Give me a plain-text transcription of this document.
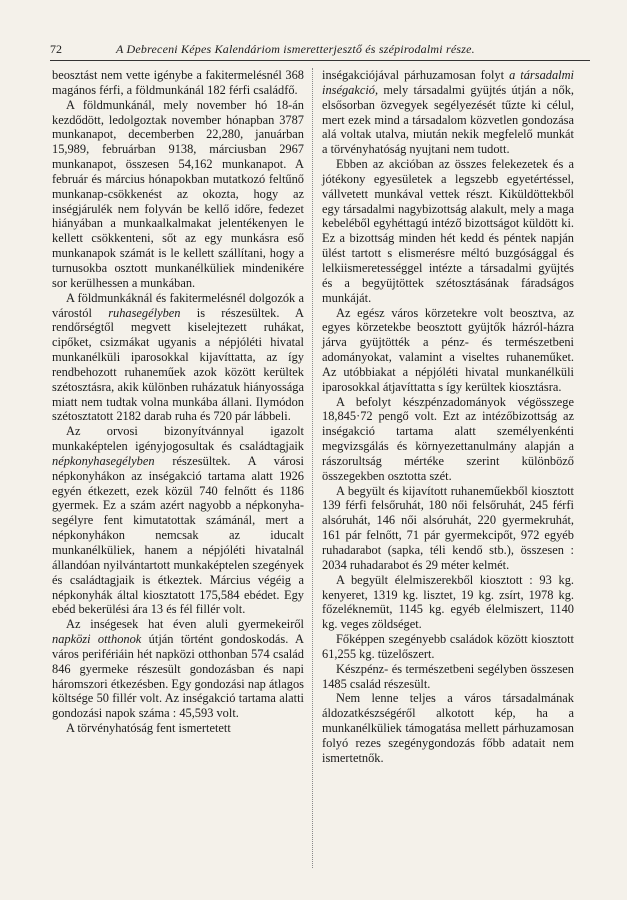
72	A Debreceni Képes Kalendáriom ismeretterjesztő és szépirodalmi része.

beosztást nem vette igénybe a fakitermelésnél 368 magános férfi, a földmunkánál 182 férfi családfő.

A földmunkánál, mely november hó 18-án kezdődött, ledolgoztak november hónapban 3787 munkanapot, decemberben 22,280, januárban 15,989, februárban 9138, márciusban 2967 munkanapot, összesen 54,162 munkanapot. A február és március hónapokban mutatkozó feltűnő munkanap-csökkenést az okozta, hogy az inségjárulék nem folyván be kellő időre, fedezet hiányában a munkaalkalmakat jelentékenyen le kellett csökkenteni, sőt az egy munkásra eső munkanapok számát is le kellett szállítani, hogy a turnusokba osztott munkanélküliek mindenikére sor kerülhessen a munkában.

A földmunkáknál és fakitermelésnél dolgozók a várostól ruhasegélyben is részesültek. A rendőrségtől megvett kiselejtezett ruhákat, cipőket, csizmákat ugyanis a népjóléti hivatal munkanélküli iparosokkal kijavíttatta, az így rendbehozott ruhaneműek azok között kerültek szétosztásra, akik különben ruházatuk hiányossága miatt nem tudtak volna munkába állani. Ilymódon szétosztatott 2182 darab ruha és 720 pár lábbeli.

Az orvosi bizonyítvánnyal igazolt munkaképtelen igényjogosultak és családtagjaik népkonyhasegélyben részesültek. A városi népkonyhákon az inségakció tartama alatt 1926 egyén étkezett, ezek közül 740 felnőtt és 1186 gyermek. Ez a szám azért nagyobb a népkonyha-segélyre fent kimutatottak számánál, mert a népkonyhákon nemcsak az iducalt munkanélküliek, hanem a népjóléti hivatalnál állandóan nyilvántartott munkaképtelen szegények és családtagjaik is étkeztek. Március végéig a népkonyhák által kiosztatott 175,584 ebédet. Egy ebéd bekerülési ára 13 és fél fillér volt.

Az inségesek hat éven aluli gyermekeiről napközi otthonok útján történt gondoskodás. A város perifériáin hét napközi otthonban 574 család 846 gyermeke részesült gondozásban és napi háromszori étkezésben. Egy gondozási nap átlagos költsége 50 fillér volt. Az inségakció tartama alatti gondozási napok száma : 45,593 volt.

A törvényhatóság fent ismertetett

inségakciójával párhuzamosan folyt a társadalmi inségakció, mely társadalmi gyüjtés útján a nők, elsősorban özvegyek segélyezését tűzte ki célul, mert ezek mind a társadalom közvetlen gondozása alá voltak utalva, miután nekik megfelelő munkát a törvényhatóság nyujtani nem tudott.

Ebben az akcióban az összes felekezetek és a jótékony egyesületek a legszebb egyetértéssel, vállvetett munkával vettek részt. Kiküldöttekből egy társadalmi nagybizottság alakult, mely a maga kebeléből egyhéttagú intéző bizottságot küldött ki. Ez a bizottság minden hét kedd és péntek napján ülést tartott s elismerésre méltó buzgósággal és lelkiismeretességgel intézte a társadalmi gyüjtés és a begyüjtöttek szétosztásának fáradságos munkáját.

Az egész város körzetekre volt beosztva, az egyes körzetekbe beosztott gyüjtők házról-házra járva gyüjtötték a pénz- és természetbeni adományokat, valamint a viseltes ruhaneműket. Az utóbbiakat a népjóléti hivatal munkanélküli iparosokkal átjavíttatta s így kerültek kiosztásra.

A befolyt készpénzadományok végösszege 18,845·72 pengő volt. Ezt az intézőbizottság az inségakció tartama alatt személyenkénti megvizsgálás és környezettanulmány alapján a rászorultság mértéke szerint különböző összegekben osztotta szét.

A begyült és kijavított ruhaneműekből kiosztott 139 férfi felsőruhát, 180 női felsőruhát, 245 férfi alsóruhát, 146 női alsóruhát, 220 gyermekruhát, 161 pár felnőtt, 71 pár gyermekcipőt, 972 egyéb ruhadarabot (sapka, téli kendő stb.), összesen : 2034 ruhadarabot és 29 méter kelmét.

A begyült élelmiszerekből kiosztott : 93 kg. kenyeret, 1319 kg. lisztet, 19 kg. zsírt, 1978 kg. főzeléknemüt, 1145 kg. egyéb élelmiszert, 1140 kg. veges zöldséget.

Főképpen szegényebb családok között kiosztott 61,255 kg. tüzelőszert.

Készpénz- és természetbeni segélyben összesen 1485 család részesült.

Nem lenne teljes a város társadalmának áldozatkészségéről alkotott kép, ha a munkanélküliek támogatása mellett párhuzamosan folyó rezes szegénygondozás főbb adatait nem ismertetnők.
